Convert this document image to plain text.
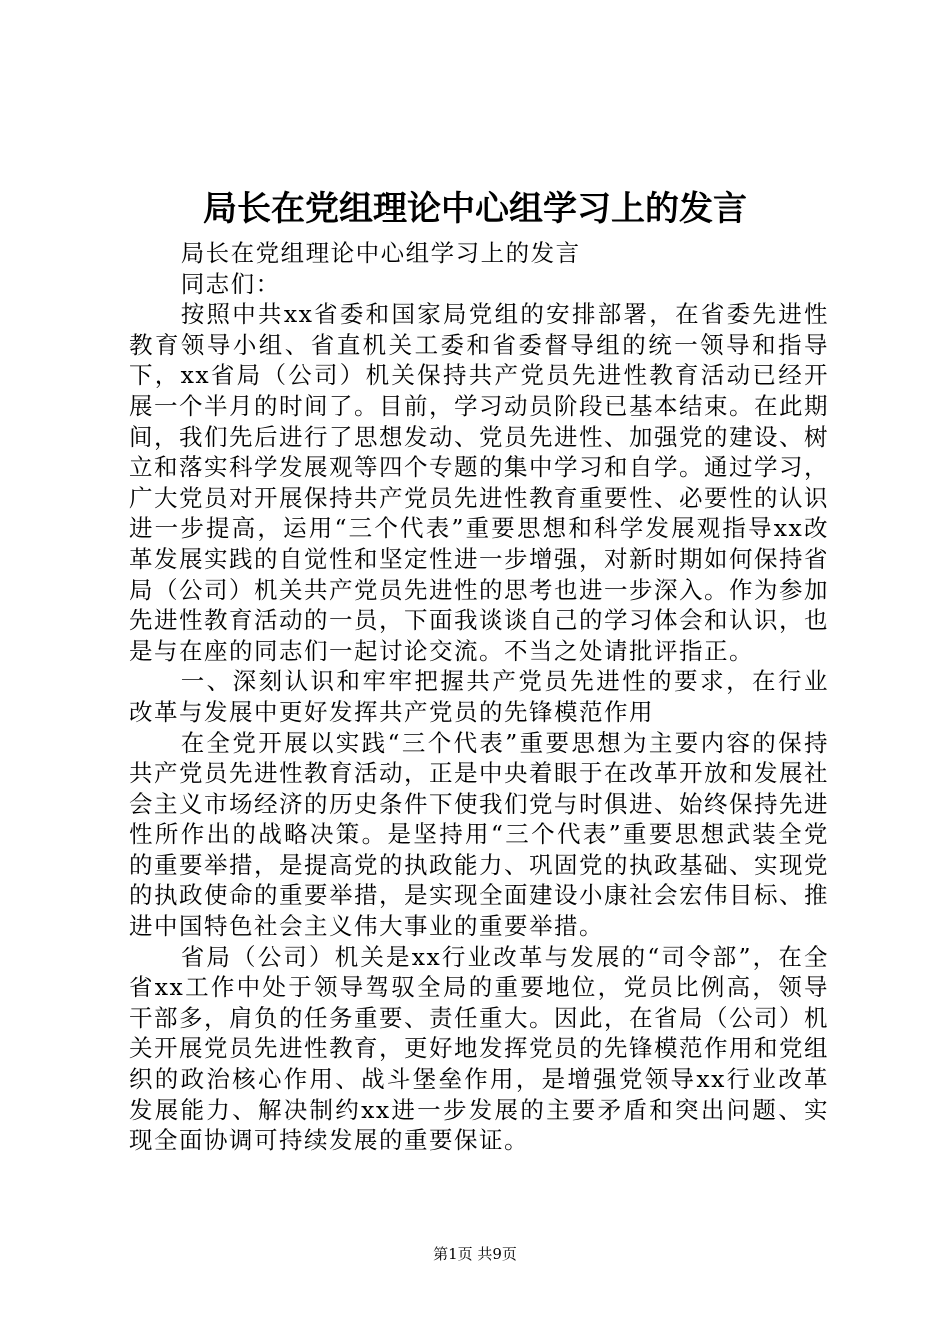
局长在党组理论中心组学习上的发言

局长在党组理论中心组学习上的发言

同志们：

按照中共xx省委和国家局党组的安排部署，在省委先进性教育领导小组、省直机关工委和省委督导组的统一领导和指导下，xx省局（公司）机关保持共产党员先进性教育活动已经开展一个半月的时间了。目前，学习动员阶段已基本结束。在此期间，我们先后进行了思想发动、党员先进性、加强党的建设、树立和落实科学发展观等四个专题的集中学习和自学。通过学习，广大党员对开展保持共产党员先进性教育重要性、必要性的认识进一步提高，运用“三个代表”重要思想和科学发展观指导xx改革发展实践的自觉性和坚定性进一步增强，对新时期如何保持省局（公司）机关共产党员先进性的思考也进一步深入。作为参加先进性教育活动的一员，下面我谈谈自己的学习体会和认识，也是与在座的同志们一起讨论交流。不当之处请批评指正。

一、深刻认识和牢牢把握共产党员先进性的要求，在行业改革与发展中更好发挥共产党员的先锋模范作用

在全党开展以实践“三个代表”重要思想为主要内容的保持共产党员先进性教育活动，正是中央着眼于在改革开放和发展社会主义市场经济的历史条件下使我们党与时俱进、始终保持先进性所作出的战略决策。是坚持用“三个代表”重要思想武装全党的重要举措，是提高党的执政能力、巩固党的执政基础、实现党的执政使命的重要举措，是实现全面建设小康社会宏伟目标、推进中国特色社会主义伟大事业的重要举措。

省局（公司）机关是xx行业改革与发展的“司令部”，在全省xx工作中处于领导驾驭全局的重要地位，党员比例高，领导干部多，肩负的任务重要、责任重大。因此，在省局（公司）机关开展党员先进性教育，更好地发挥党员的先锋模范作用和党组织的政治核心作用、战斗堡垒作用，是增强党领导xx行业改革发展能力、解决制约xx进一步发展的主要矛盾和突出问题、实现全面协调可持续发展的重要保证。

第1页 共9页
